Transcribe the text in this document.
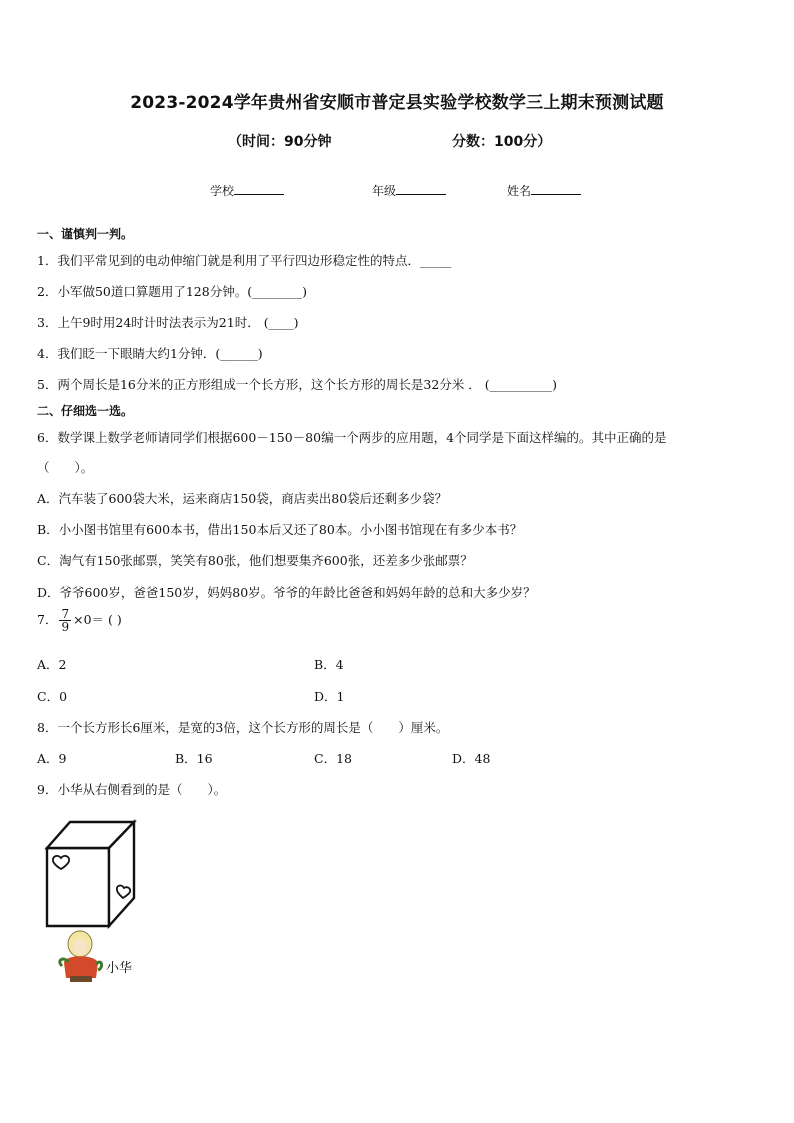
2023-2024学年贵州省安顺市普定县实验学校数学三上期末预测试题
（时间：90分钟	分数：100分）
学校	年级	姓名
一、谨慎判一判。
1．我们平常见到的电动伸缩门就是利用了平行四边形稳定性的特点．_____
2．小军做50道口算题用了128分钟。(________)
3．上午9时用24时计时法表示为21时． (____)
4．我们眨一下眼睛大约1分钟．(______)
5．两个周长是16分米的正方形组成一个长方形，这个长方形的周长是32分米 ． (__________)
二、仔细选一选。
6．数学课上数学老师请同学们根据600－150－80编一个两步的应用题，4个同学是下面这样编的。其中正确的是
（　　）。
A．汽车装了600袋大米，运来商店150袋，商店卖出80袋后还剩多少袋？
B．小小图书馆里有600本书，借出150本后又还了80本。小小图书馆现在有多少本书？
C．淘气有150张邮票，笑笑有80张，他们想要集齐600张，还差多少张邮票？
D．爷爷600岁，爸爸150岁，妈妈80岁。爷爷的年龄比爸爸和妈妈年龄的总和大多少岁？
7． $\frac{7}{9} \times 0=$ ( )
A．2	B．4
C．0	D．1
8．一个长方形长6厘米，是宽的3倍，这个长方形的周长是（　　）厘米。
A．9	B．16	C．18	D．48
9．小华从右侧看到的是（　　）。
小华
